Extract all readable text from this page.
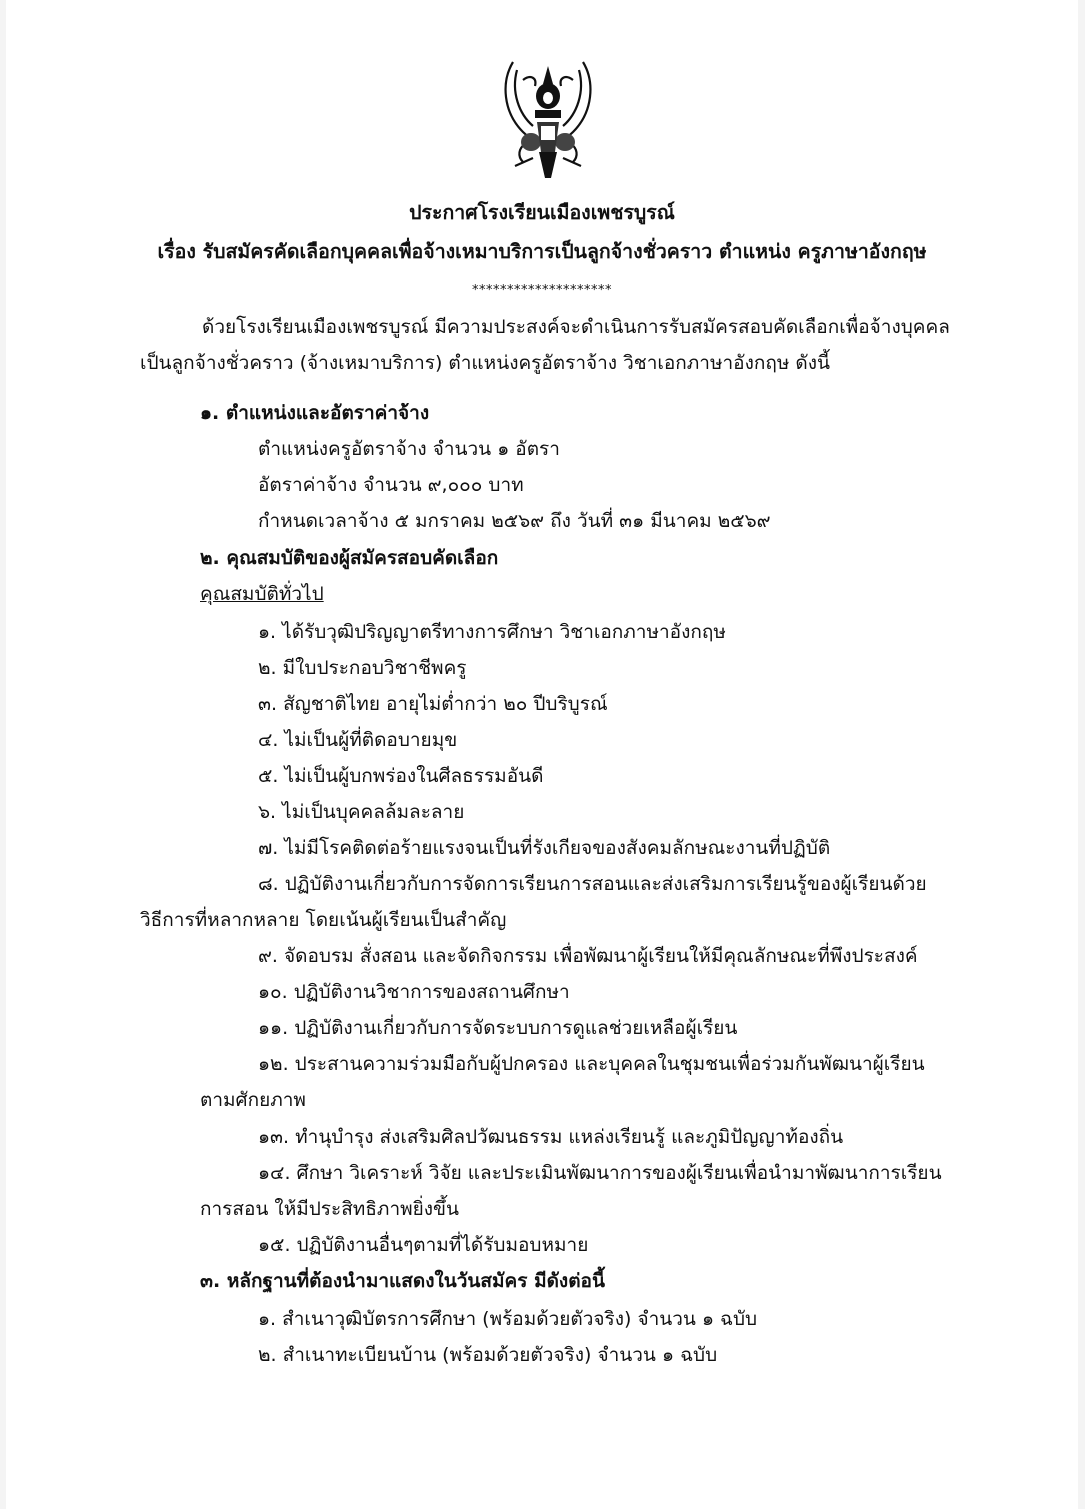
ประกาศโรงเรียนเมืองเพชรบูรณ์
เรื่อง รับสมัครคัดเลือกบุคคลเพื่อจ้างเหมาบริการเป็นลูกจ้างชั่วคราว ตำแหน่ง ครูภาษาอังกฤษ
********************
ด้วยโรงเรียนเมืองเพชรบูรณ์ มีความประสงค์จะดำเนินการรับสมัครสอบคัดเลือกเพื่อจ้างบุคคล
เป็นลูกจ้างชั่วคราว (จ้างเหมาบริการ) ตำแหน่งครูอัตราจ้าง วิชาเอกภาษาอังกฤษ ดังนี้
๑. ตำแหน่งและอัตราค่าจ้าง
ตำแหน่งครูอัตราจ้าง จำนวน ๑ อัตรา
อัตราค่าจ้าง จำนวน ๙,๐๐๐ บาท
กำหนดเวลาจ้าง ๕ มกราคม ๒๕๖๙ ถึง วันที่ ๓๑ มีนาคม ๒๕๖๙
๒. คุณสมบัติของผู้สมัครสอบคัดเลือก
คุณสมบัติทั่วไป
๑. ได้รับวุฒิปริญญาตรีทางการศึกษา วิชาเอกภาษาอังกฤษ
๒. มีใบประกอบวิชาชีพครู
๓. สัญชาติไทย อายุไม่ต่ำกว่า ๒๐ ปีบริบูรณ์
๔. ไม่เป็นผู้ที่ติดอบายมุข
๕. ไม่เป็นผู้บกพร่องในศีลธรรมอันดี
๖. ไม่เป็นบุคคลล้มละลาย
๗. ไม่มีโรคติดต่อร้ายแรงจนเป็นที่รังเกียจของสังคมลักษณะงานที่ปฏิบัติ
๘. ปฏิบัติงานเกี่ยวกับการจัดการเรียนการสอนและส่งเสริมการเรียนรู้ของผู้เรียนด้วย
วิธีการที่หลากหลาย โดยเน้นผู้เรียนเป็นสำคัญ
๙. จัดอบรม สั่งสอน และจัดกิจกรรม เพื่อพัฒนาผู้เรียนให้มีคุณลักษณะที่พึงประสงค์
๑๐. ปฏิบัติงานวิชาการของสถานศึกษา
๑๑. ปฏิบัติงานเกี่ยวกับการจัดระบบการดูแลช่วยเหลือผู้เรียน
๑๒. ประสานความร่วมมือกับผู้ปกครอง และบุคคลในชุมชนเพื่อร่วมกันพัฒนาผู้เรียน
ตามศักยภาพ
๑๓. ทำนุบำรุง ส่งเสริมศิลปวัฒนธรรม แหล่งเรียนรู้ และภูมิปัญญาท้องถิ่น
๑๔. ศึกษา วิเคราะห์ วิจัย และประเมินพัฒนาการของผู้เรียนเพื่อนำมาพัฒนาการเรียน
การสอน ให้มีประสิทธิภาพยิ่งขึ้น
๑๕. ปฏิบัติงานอื่นๆตามที่ได้รับมอบหมาย
๓. หลักฐานที่ต้องนำมาแสดงในวันสมัคร มีดังต่อนี้
๑. สำเนาวุฒิบัตรการศึกษา (พร้อมด้วยตัวจริง) จำนวน ๑ ฉบับ
๒. สำเนาทะเบียนบ้าน (พร้อมด้วยตัวจริง) จำนวน ๑ ฉบับ
